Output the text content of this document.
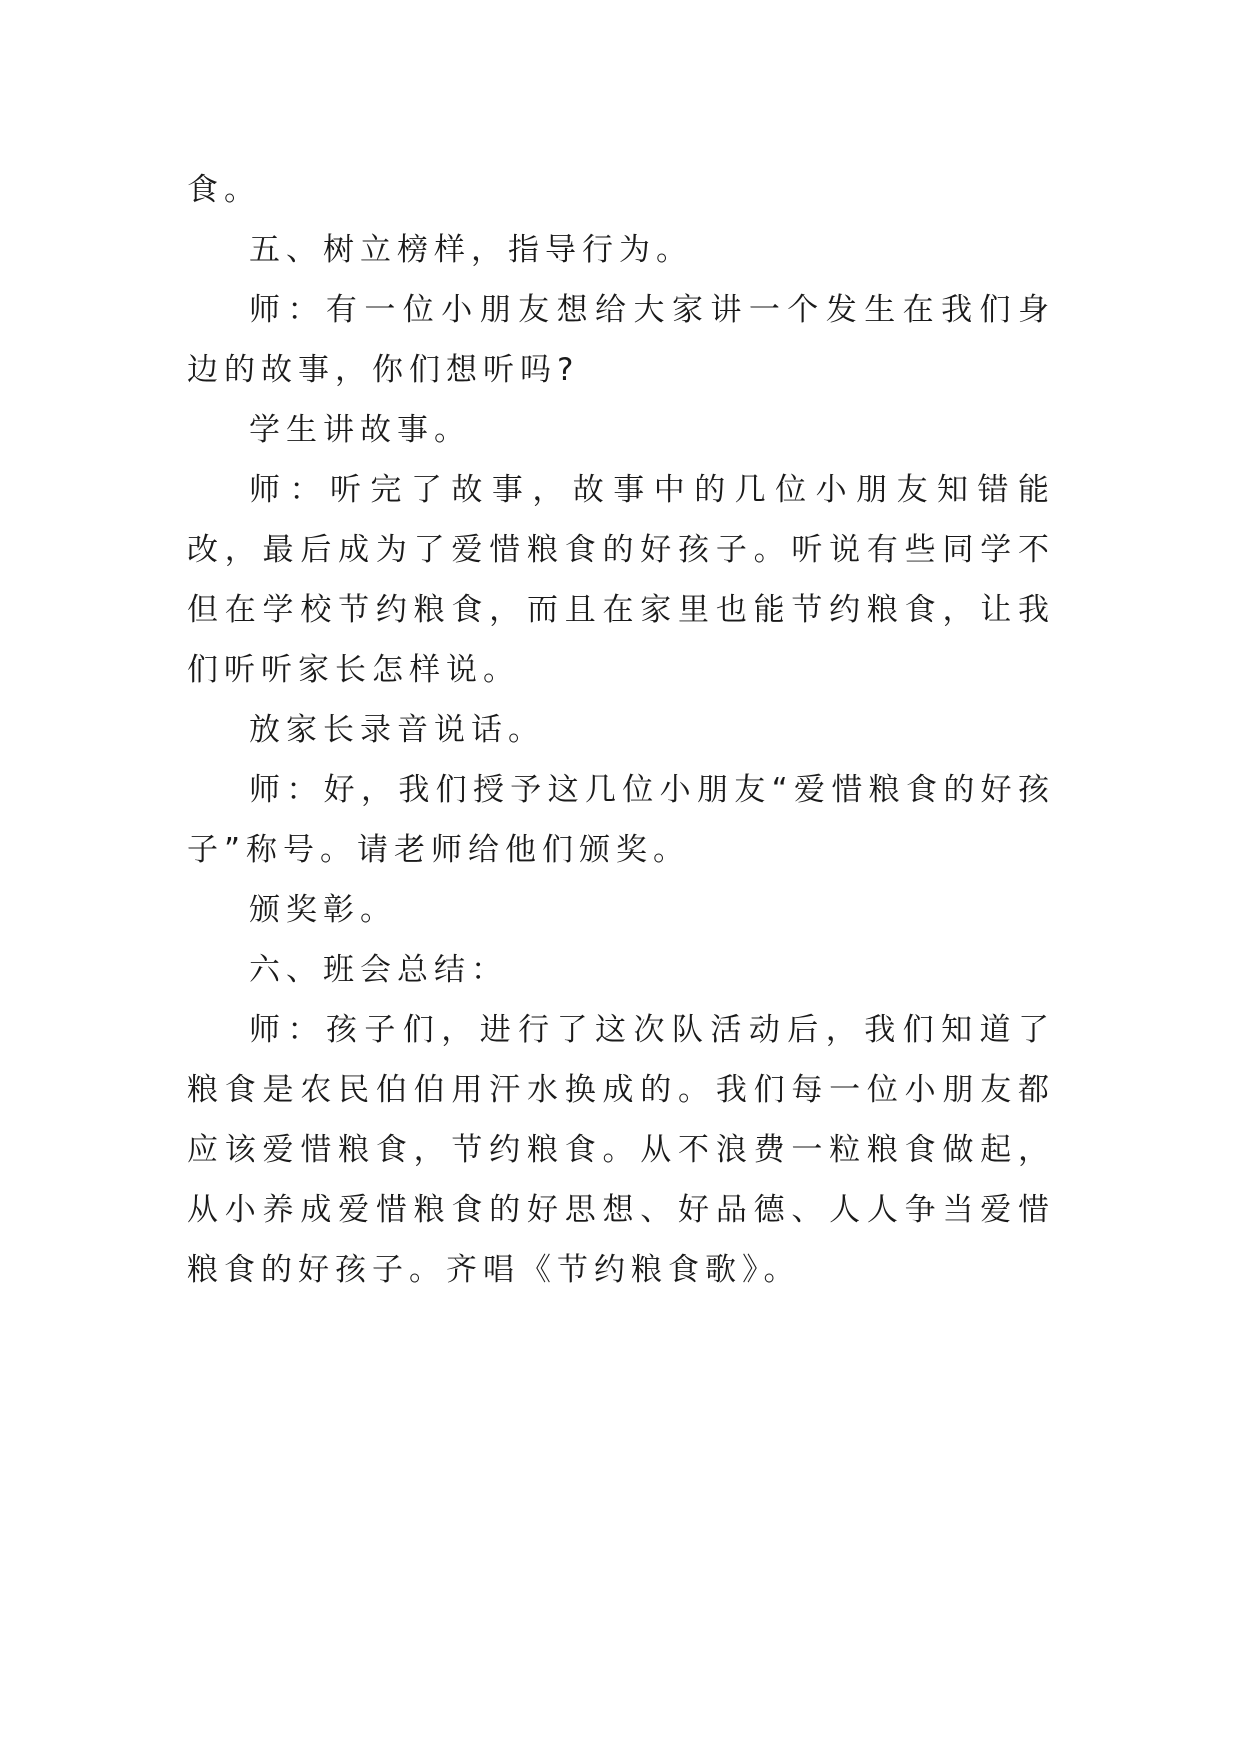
食。

五、树立榜样，指导行为。

师：有一位小朋友想给大家讲一个发生在我们身边的故事，你们想听吗?

学生讲故事。

师：听完了故事，故事中的几位小朋友知错能改，最后成为了爱惜粮食的好孩子。听说有些同学不但在学校节约粮食，而且在家里也能节约粮食，让我们听听家长怎样说。

放家长录音说话。

师：好，我们授予这几位小朋友“爱惜粮食的好孩子”称号。请老师给他们颁奖。

颁奖彰。

六、班会总结：

师：孩子们，进行了这次队活动后，我们知道了粮食是农民伯伯用汗水换成的。我们每一位小朋友都应该爱惜粮食，节约粮食。从不浪费一粒粮食做起，从小养成爱惜粮食的好思想、好品德、人人争当爱惜粮食的好孩子。齐唱《节约粮食歌》。
